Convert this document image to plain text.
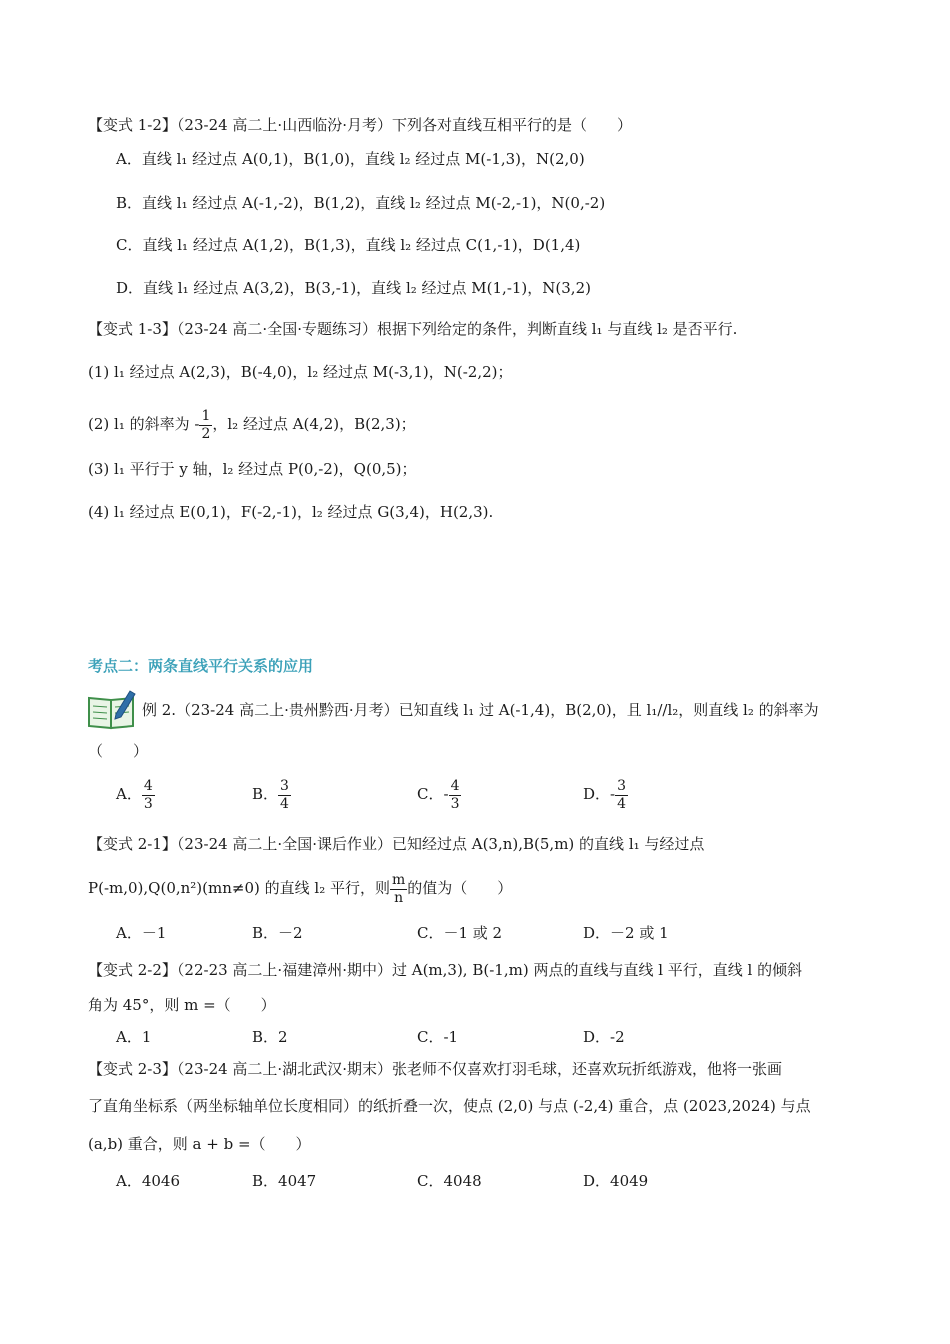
【变式 1-2】（23-24 高二上·山西临汾·月考）下列各对直线互相平行的是（　　）
A．直线 l₁ 经过点 A(0,1)，B(1,0)，直线 l₂ 经过点 M(-1,3)，N(2,0)
B．直线 l₁ 经过点 A(-1,-2)，B(1,2)，直线 l₂ 经过点 M(-2,-1)，N(0,-2)
C．直线 l₁ 经过点 A(1,2)，B(1,3)，直线 l₂ 经过点 C(1,-1)，D(1,4)
D．直线 l₁ 经过点 A(3,2)，B(3,-1)，直线 l₂ 经过点 M(1,-1)，N(3,2)
【变式 1-3】（23-24 高二·全国·专题练习）根据下列给定的条件，判断直线 l₁ 与直线 l₂ 是否平行.
(1) l₁ 经过点 A(2,3)，B(-4,0)，l₂ 经过点 M(-3,1)，N(-2,2)；
(2) l₁ 的斜率为 - $\frac{1}{2}$ ，l₂ 经过点 A(4,2)，B(2,3)；
(3) l₁ 平行于 y 轴，l₂ 经过点 P(0,-2)，Q(0,5)；
(4) l₁ 经过点 E(0,1)，F(-2,-1)，l₂ 经过点 G(3,4)，H(2,3).
考点二：两条直线平行关系的应用
例 2.（23-24 高二上·贵州黔西·月考）已知直线 l₁ 过 A(-1,4)，B(2,0)，且 l₁//l₂，则直线 l₂ 的斜率为
（　　）
A． $\frac{4}{3}$	B． $\frac{3}{4}$	C．- $\frac{4}{3}$	D．- $\frac{3}{4}$
【变式 2-1】（23-24 高二上·全国·课后作业）已知经过点 A(3,n),B(5,m) 的直线 l₁ 与经过点
P(-m,0),Q(0,n²)(mn≠0) 的直线 l₂ 平行，则 $\frac{m}{n}$ 的值为（　　）
A．－1	B．－2	C．－1 或 2	D．－2 或 1
【变式 2-2】（22-23 高二上·福建漳州·期中）过 A(m,3), B(-1,m) 两点的直线与直线 l 平行，直线 l 的倾斜
角为 45°，则 m =（　　）
A．1	B．2	C．-1	D．-2
【变式 2-3】（23-24 高二上·湖北武汉·期末）张老师不仅喜欢打羽毛球，还喜欢玩折纸游戏，他将一张画
了直角坐标系（两坐标轴单位长度相同）的纸折叠一次，使点 (2,0) 与点 (-2,4) 重合，点 (2023,2024) 与点
(a,b) 重合，则 a + b =（　　）
A．4046	B．4047	C．4048	D．4049
